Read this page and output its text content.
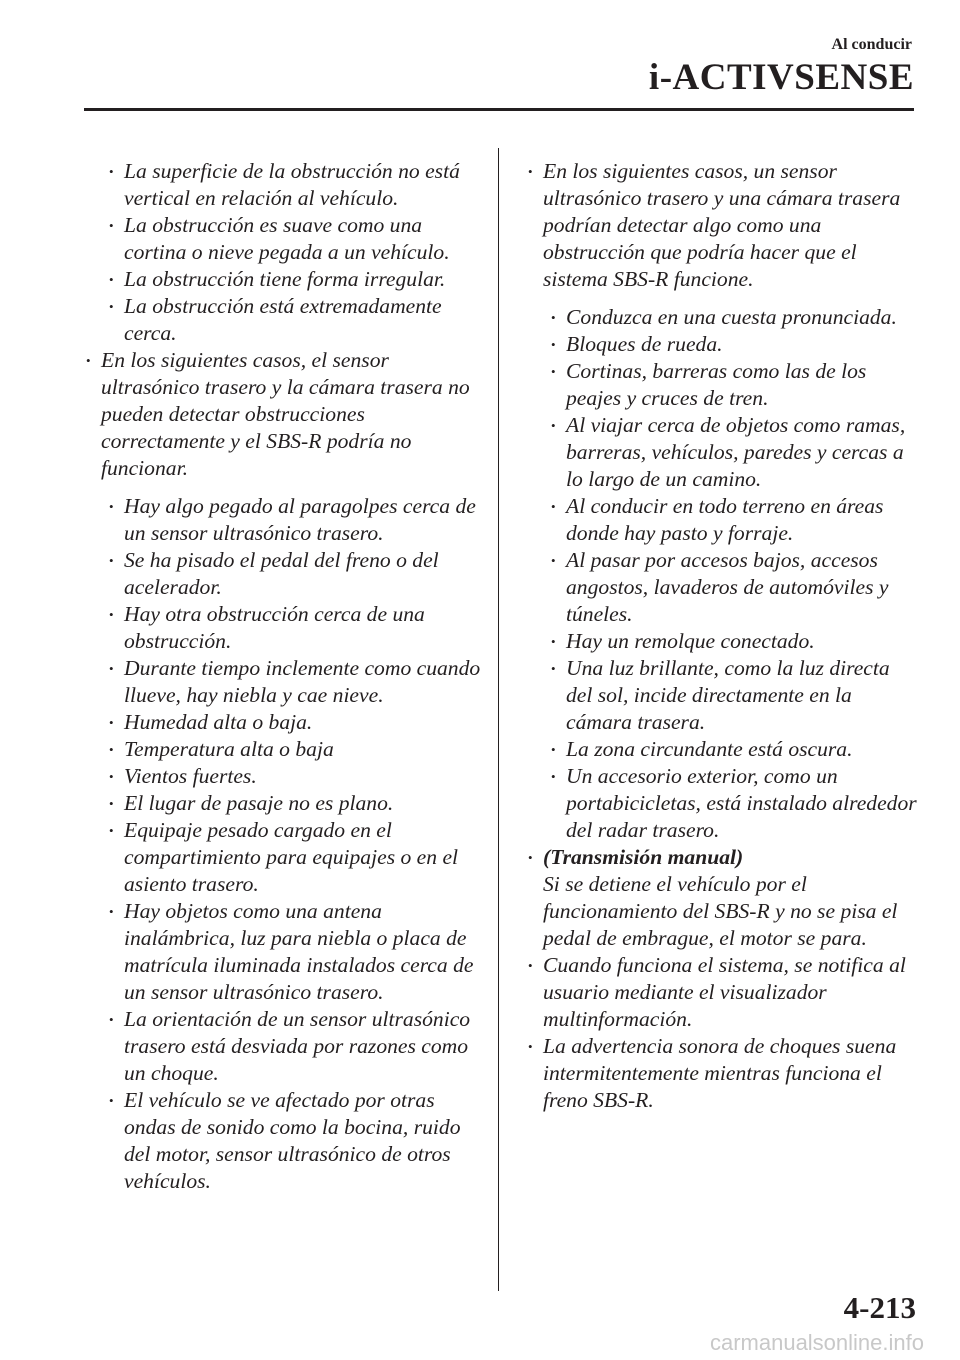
Al conducir
i-ACTIVSENSE
• La superficie de la obstrucción no está vertical en relación al vehículo.
• La obstrucción es suave como una cortina o nieve pegada a un vehículo.
• La obstrucción tiene forma irregular.
• La obstrucción está extremadamente cerca.
• En los siguientes casos, el sensor ultrasónico trasero y la cámara trasera no pueden detectar obstrucciones correctamente y el SBS-R podría no funcionar.
• Hay algo pegado al paragolpes cerca de un sensor ultrasónico trasero.
• Se ha pisado el pedal del freno o del acelerador.
• Hay otra obstrucción cerca de una obstrucción.
• Durante tiempo inclemente como cuando llueve, hay niebla y cae nieve.
• Humedad alta o baja.
• Temperatura alta o baja
• Vientos fuertes.
• El lugar de pasaje no es plano.
• Equipaje pesado cargado en el compartimiento para equipajes o en el asiento trasero.
• Hay objetos como una antena inalámbrica, luz para niebla o placa de matrícula iluminada instalados cerca de un sensor ultrasónico trasero.
• La orientación de un sensor ultrasónico trasero está desviada por razones como un choque.
• El vehículo se ve afectado por otras ondas de sonido como la bocina, ruido del motor, sensor ultrasónico de otros vehículos.
• En los siguientes casos, un sensor ultrasónico trasero y una cámara trasera podrían detectar algo como una obstrucción que podría hacer que el sistema SBS-R funcione.
• Conduzca en una cuesta pronunciada.
• Bloques de rueda.
• Cortinas, barreras como las de los peajes y cruces de tren.
• Al viajar cerca de objetos como ramas, barreras, vehículos, paredes y cercas a lo largo de un camino.
• Al conducir en todo terreno en áreas donde hay pasto y forraje.
• Al pasar por accesos bajos, accesos angostos, lavaderos de automóviles y túneles.
• Hay un remolque conectado.
• Una luz brillante, como la luz directa del sol, incide directamente en la cámara trasera.
• La zona circundante está oscura.
• Un accesorio exterior, como un portabicicletas, está instalado alrededor del radar trasero.
• (Transmisión manual)
Si se detiene el vehículo por el funcionamiento del SBS-R y no se pisa el pedal de embrague, el motor se para.
• Cuando funciona el sistema, se notifica al usuario mediante el visualizador multinformación.
• La advertencia sonora de choques suena intermitentemente mientras funciona el freno SBS-R.
4-213
carmanualsonline.info
